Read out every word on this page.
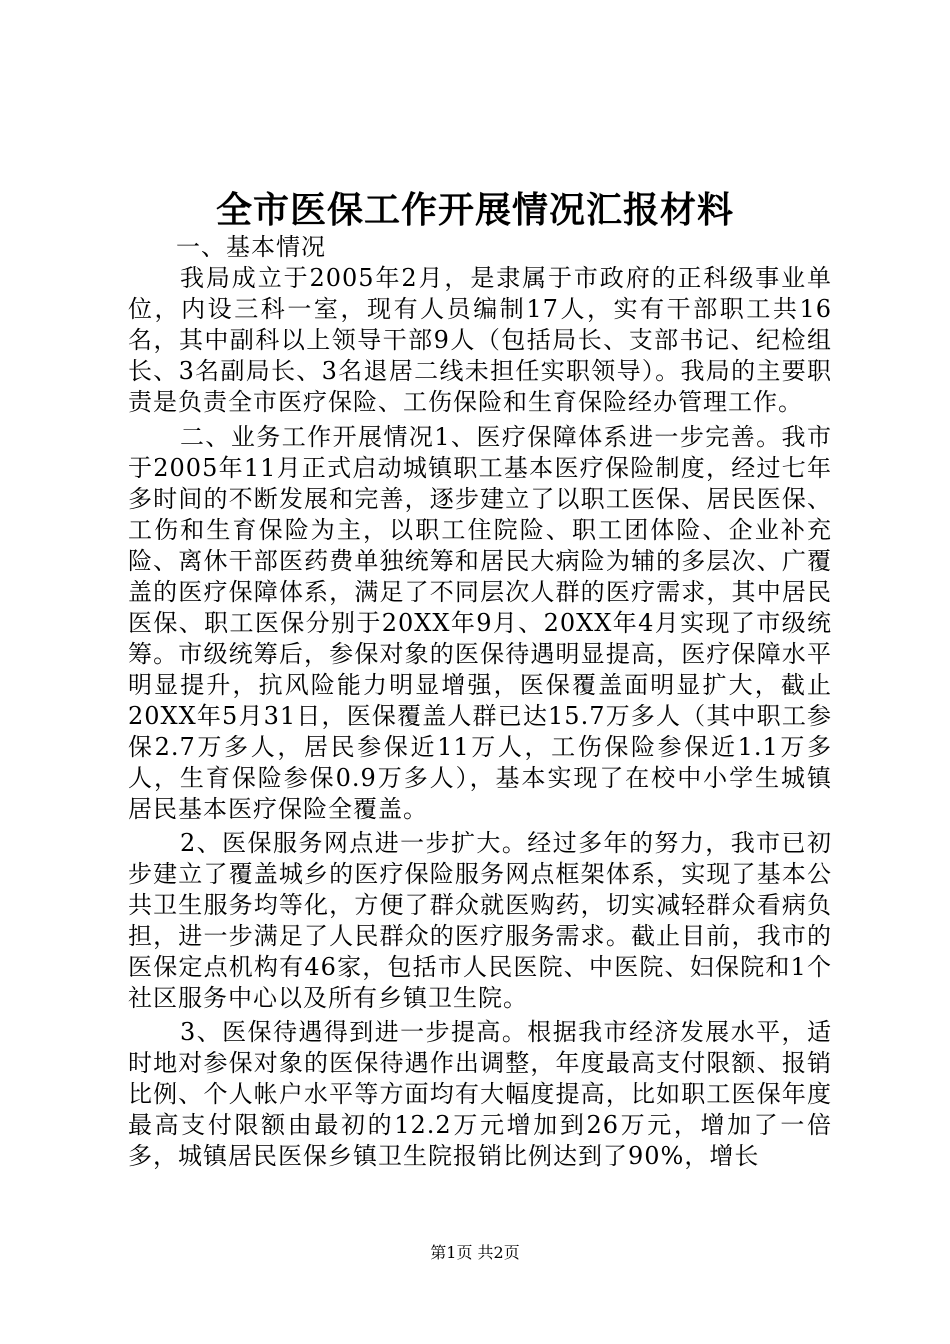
全市医保工作开展情况汇报材料

一、基本情况

我局成立于2005年2月，是隶属于市政府的正科级事业单位，内设三科一室，现有人员编制17人，实有干部职工共16名，其中副科以上领导干部9人（包括局长、支部书记、纪检组长、3名副局长、3名退居二线未担任实职领导）。我局的主要职责是负责全市医疗保险、工伤保险和生育保险经办管理工作。

二、业务工作开展情况1、医疗保障体系进一步完善。我市于2005年11月正式启动城镇职工基本医疗保险制度，经过七年多时间的不断发展和完善，逐步建立了以职工医保、居民医保、工伤和生育保险为主，以职工住院险、职工团体险、企业补充险、离休干部医药费单独统筹和居民大病险为辅的多层次、广覆盖的医疗保障体系，满足了不同层次人群的医疗需求，其中居民医保、职工医保分别于20XX年9月、20XX年4月实现了市级统筹。市级统筹后，参保对象的医保待遇明显提高，医疗保障水平明显提升，抗风险能力明显增强，医保覆盖面明显扩大，截止20XX年5月31日，医保覆盖人群已达15.7万多人（其中职工参保2.7万多人，居民参保近11万人，工伤保险参保近1.1万多人，生育保险参保0.9万多人），基本实现了在校中小学生城镇居民基本医疗保险全覆盖。

2、医保服务网点进一步扩大。经过多年的努力，我市已初步建立了覆盖城乡的医疗保险服务网点框架体系，实现了基本公共卫生服务均等化，方便了群众就医购药，切实减轻群众看病负担，进一步满足了人民群众的医疗服务需求。截止目前，我市的医保定点机构有46家，包括市人民医院、中医院、妇保院和1个社区服务中心以及所有乡镇卫生院。

3、医保待遇得到进一步提高。根据我市经济发展水平，适时地对参保对象的医保待遇作出调整，年度最高支付限额、报销比例、个人帐户水平等方面均有大幅度提高，比如职工医保年度最高支付限额由最初的12.2万元增加到26万元，增加了一倍多，城镇居民医保乡镇卫生院报销比例达到了90%，增长

第1页 共2页
